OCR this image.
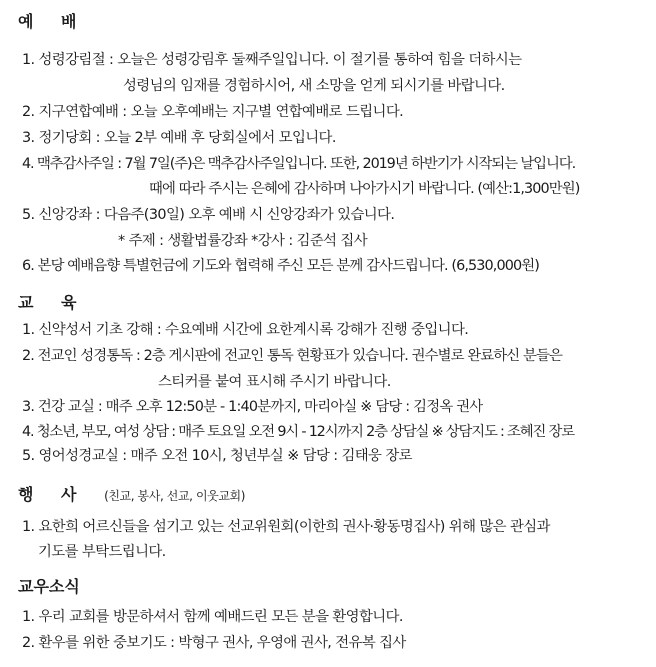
예 배
1. 성령강림절 : 오늘은 성령강림후 둘째주일입니다. 이 절기를 통하여 힘을 더하시는
성령님의 임재를 경험하시어, 새 소망을 얻게 되시기를 바랍니다.
2. 지구연합예배 : 오늘 오후예배는 지구별 연합예배로 드립니다.
3. 정기당회 : 오늘 2부 예배 후 당회실에서 모입니다.
4. 맥추감사주일 : 7월 7일(주)은 맥추감사주일입니다. 또한, 2019년 하반기가 시작되는 날입니다.
때에 따라 주시는 은혜에 감사하며 나아가시기 바랍니다. (예산:1,300만원)
5. 신앙강좌 : 다음주(30일) 오후 예배 시 신앙강좌가 있습니다.
* 주제 : 생활법률강좌 *강사 : 김준석 집사
6. 본당 예배음향 특별헌금에 기도와 협력해 주신 모든 분께 감사드립니다. (6,530,000원)
교 육
1. 신약성서 기초 강해 : 수요예배 시간에 요한계시록 강해가 진행 중입니다.
2. 전교인 성경통독 : 2층 게시판에 전교인 통독 현황표가 있습니다. 권수별로 완료하신 분들은
스티커를 붙여 표시해 주시기 바랍니다.
3. 건강 교실 : 매주 오후 12:50분 - 1:40분까지, 마리아실 ※ 담당 : 김정옥 권사
4. 청소년, 부모, 여성 상담 : 매주 토요일 오전 9시 - 12시까지 2층 상담실 ※ 상담지도 : 조혜진 장로
5. 영어성경교실 : 매주 오전 10시, 청년부실 ※ 담당 : 김태웅 장로
행 사 (친교, 봉사, 선교, 이웃교회)
1. 요한희 어르신들을 섬기고 있는 선교위원회(이한희 권사·황동명집사) 위해 많은 관심과
기도를 부탁드립니다.
교우소식
1. 우리 교회를 방문하셔서 함께 예배드린 모든 분을 환영합니다.
2. 환우를 위한 중보기도 : 박형구 권사, 우영애 권사, 전유복 집사
